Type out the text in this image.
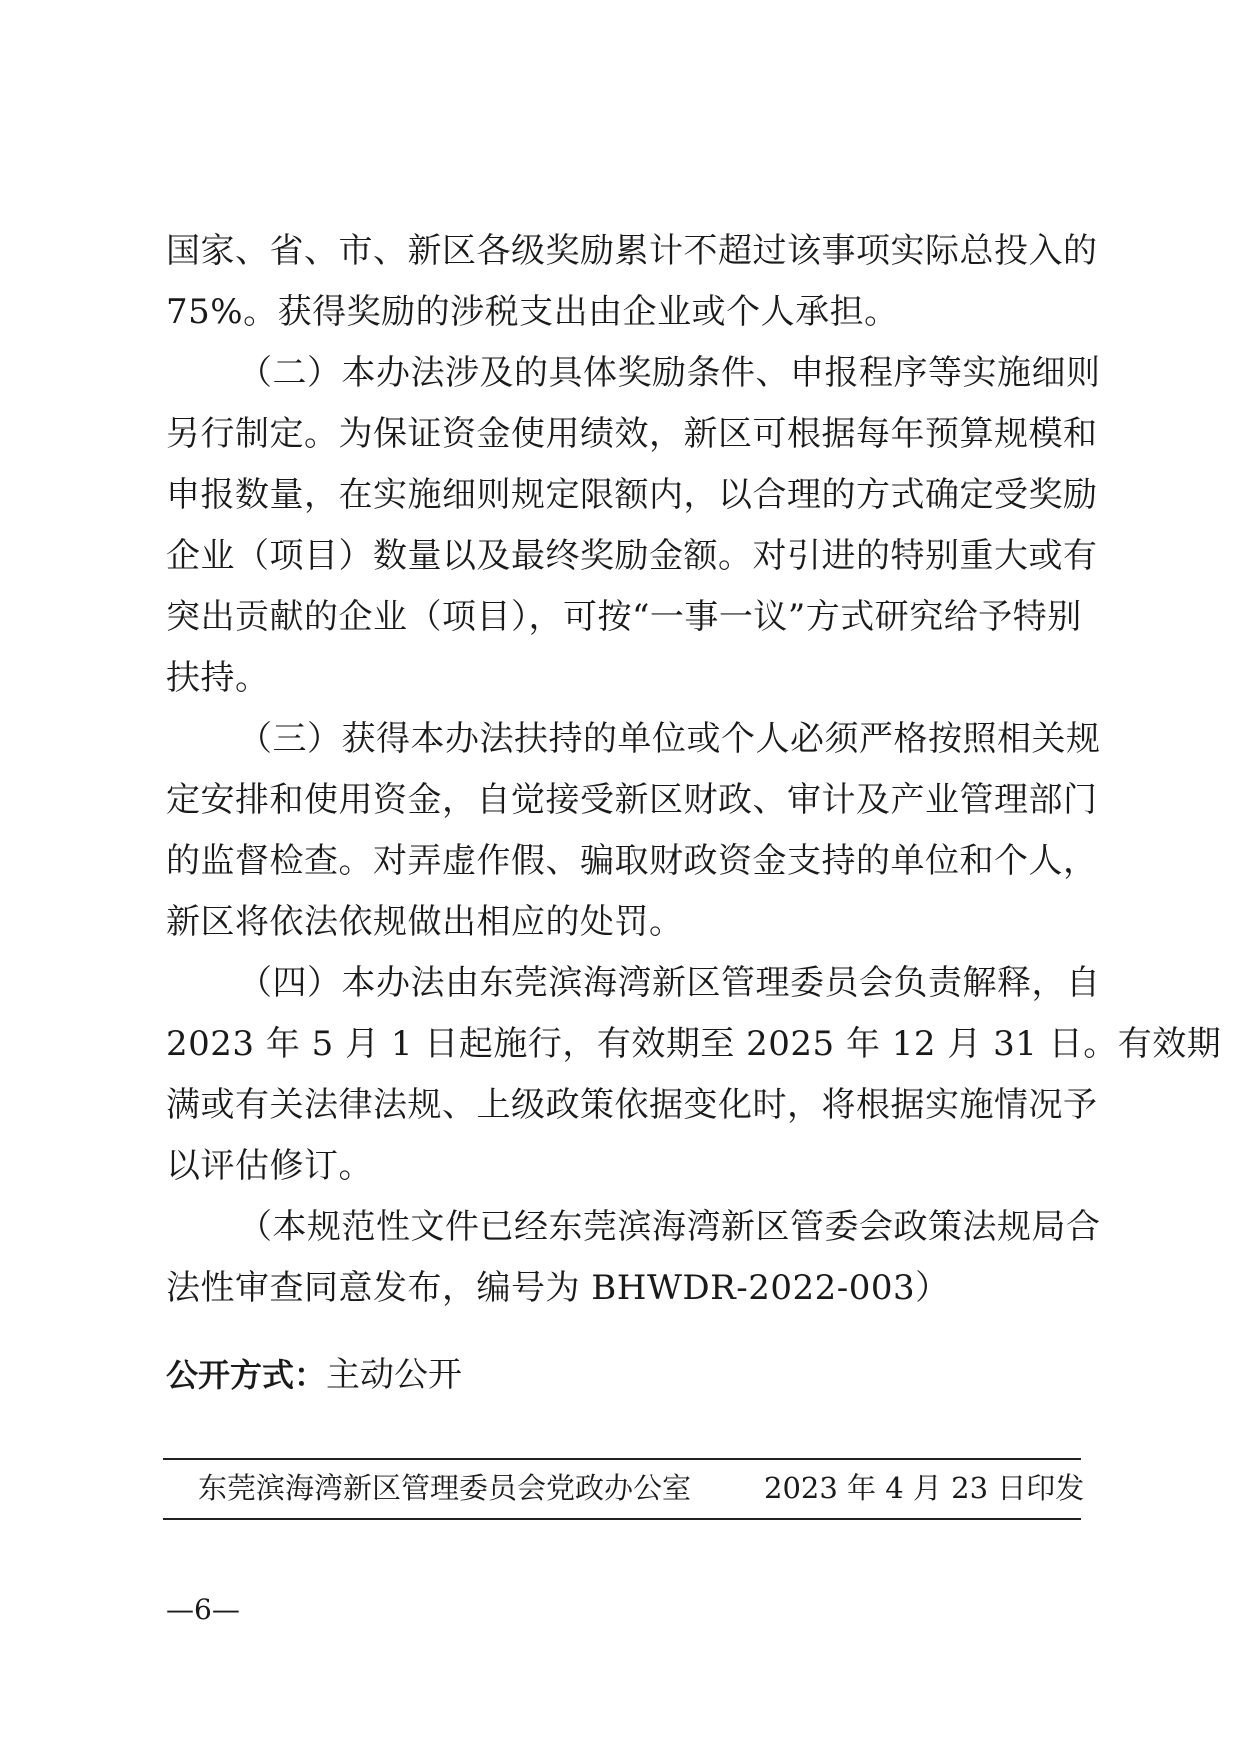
国家、省、市、新区各级奖励累计不超过该事项实际总投入的
75%。获得奖励的涉税支出由企业或个人承担。
（二）本办法涉及的具体奖励条件、申报程序等实施细则
另行制定。为保证资金使用绩效，新区可根据每年预算规模和
申报数量，在实施细则规定限额内，以合理的方式确定受奖励
企业（项目）数量以及最终奖励金额。对引进的特别重大或有
突出贡献的企业（项目），可按“一事一议”方式研究给予特别
扶持。
（三）获得本办法扶持的单位或个人必须严格按照相关规
定安排和使用资金，自觉接受新区财政、审计及产业管理部门
的监督检查。对弄虚作假、骗取财政资金支持的单位和个人，
新区将依法依规做出相应的处罚。
（四）本办法由东莞滨海湾新区管理委员会负责解释，自
2023 年 5 月 1 日起施行，有效期至 2025 年 12 月 31 日。有效期
满或有关法律法规、上级政策依据变化时，将根据实施情况予
以评估修订。
（本规范性文件已经东莞滨海湾新区管委会政策法规局合
法性审查同意发布，编号为 BHWDR-2022-003）
公开方式：主动公开
东莞滨海湾新区管理委员会党政办公室	2023 年 4 月 23 日印发
—6—
